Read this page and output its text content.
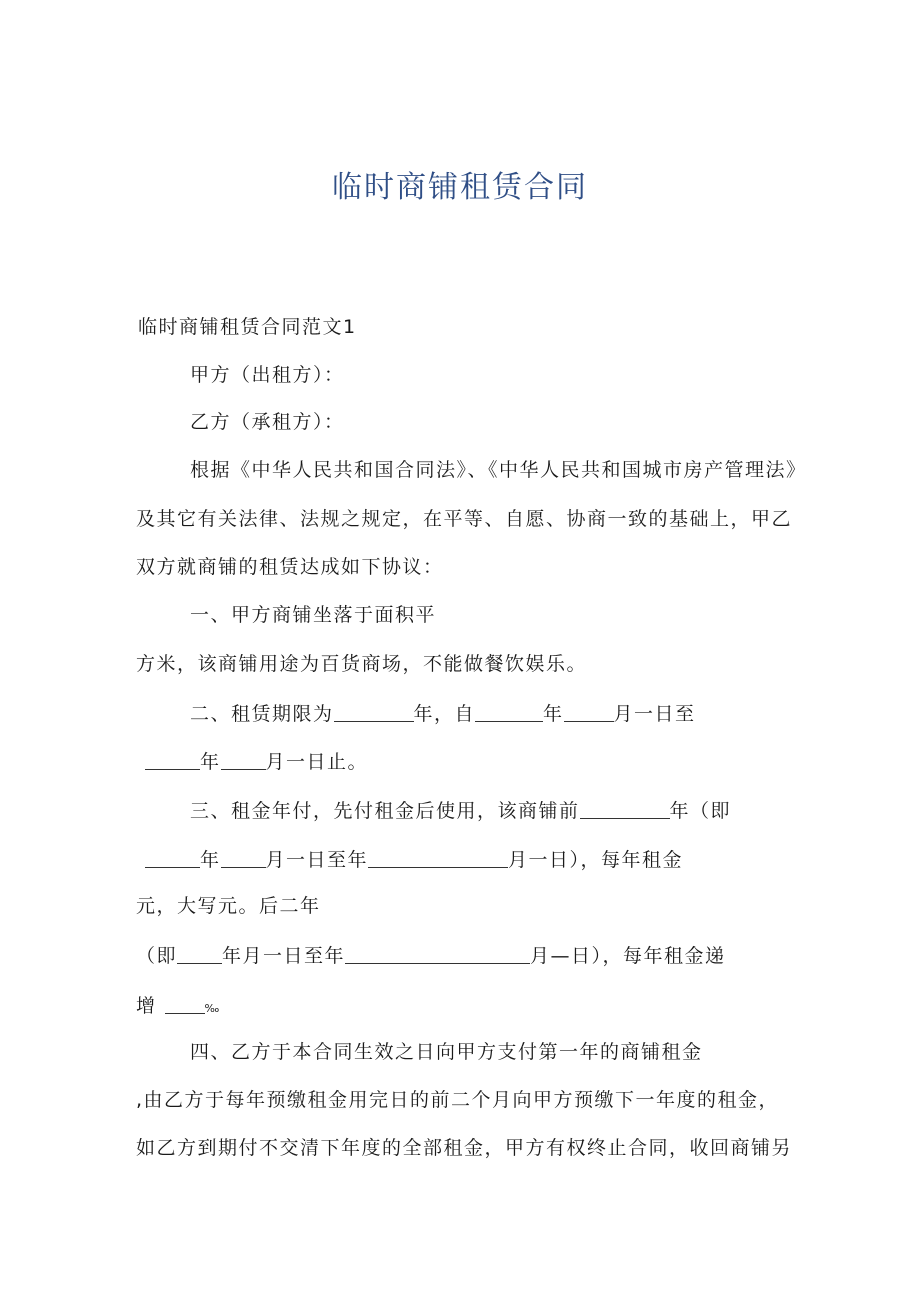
临时商铺租赁合同
临时商铺租赁合同范文1
甲方（出租方）：
乙方（承租方）：
根据《中华人民共和国合同法》、《中华人民共和国城市房产管理法》
及其它有关法律、法规之规定，在平等、自愿、协商一致的基础上，甲乙
双方就商铺的租赁达成如下协议：
一、甲方商铺坐落于面积平
方米，该商铺用途为百货商场，不能做餐饮娱乐。
二、租赁期限为	年，自	年	月一日至
年 月一日止。
三、租金年付，先付租金后使用，该商铺前	年（即
年 月一日至年	月一日），每年租金
元，大写元。后二年
（即 年月一日至年	月—日），每年租金递
增	‰
四、乙方于本合同生效之日向甲方支付第一年的商铺租金
,由乙方于每年预缴租金用完日的前二个月向甲方预缴下一年度的租金，
如乙方到期付不交清下年度的全部租金，甲方有权终止合同，收回商铺另
